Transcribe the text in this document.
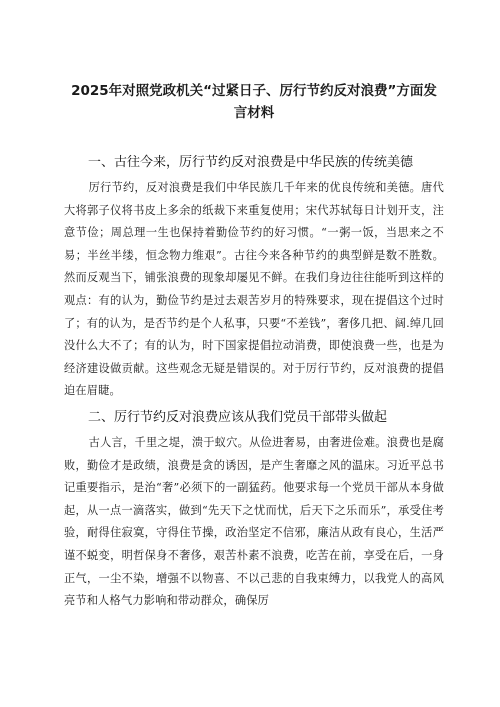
2025年对照党政机关“过紧日子、厉行节约反对浪费”方面发言材料
一、古往今来，厉行节约反对浪费是中华民族的传统美德

厉行节约，反对浪费是我们中华民族几千年来的优良传统和美德。唐代大将郭子仪将书皮上多余的纸裁下来重复使用；宋代苏轼每日计划开支，注意节俭；周总理一生也保持着勤俭节约的好习惯。“一粥一饭，当思来之不易；半丝半缕，恒念物力维艰”。古往今来各种节约的典型鲜是数不胜数。然而反观当下，铺张浪费的现象却屡见不鲜。在我们身边往往能听到这样的观点：有的认为，勤俭节约是过去艰苦岁月的特殊要求，现在提倡这个过时了；有的认为，是否节约是个人私事，只要“不差钱”，奢侈几把、阔.绰几回没什么大不了；有的认为，时下国家提倡拉动消费，即使浪费一些，也是为经济建设做贡献。这些观念无疑是错误的。对于厉行节约，反对浪费的提倡迫在眉睫。

二、厉行节约反对浪费应该从我们党员干部带头做起

古人言，千里之堤，溃于蚁穴。从俭进奢易，由奢进俭难。浪费也是腐败，勤俭才是政绩，浪费是贪的诱因，是产生奢靡之风的温床。习近平总书记重要指示，是治“奢”必须下的一副猛药。他要求每一个党员干部从本身做起，从一点一滴落实，做到“先天下之忧而忧，后天下之乐而乐”，承受住考验，耐得住寂寞，守得住节操，政治坚定不信邪，廉洁从政有良心，生活严谨不蜕变，明哲保身不奢侈，艰苦朴素不浪费，吃苦在前，享受在后，一身正气，一尘不染，增强不以物喜、不以己悲的自我束缚力，以我党人的高风亮节和人格气力影响和带动群众，确保厉
